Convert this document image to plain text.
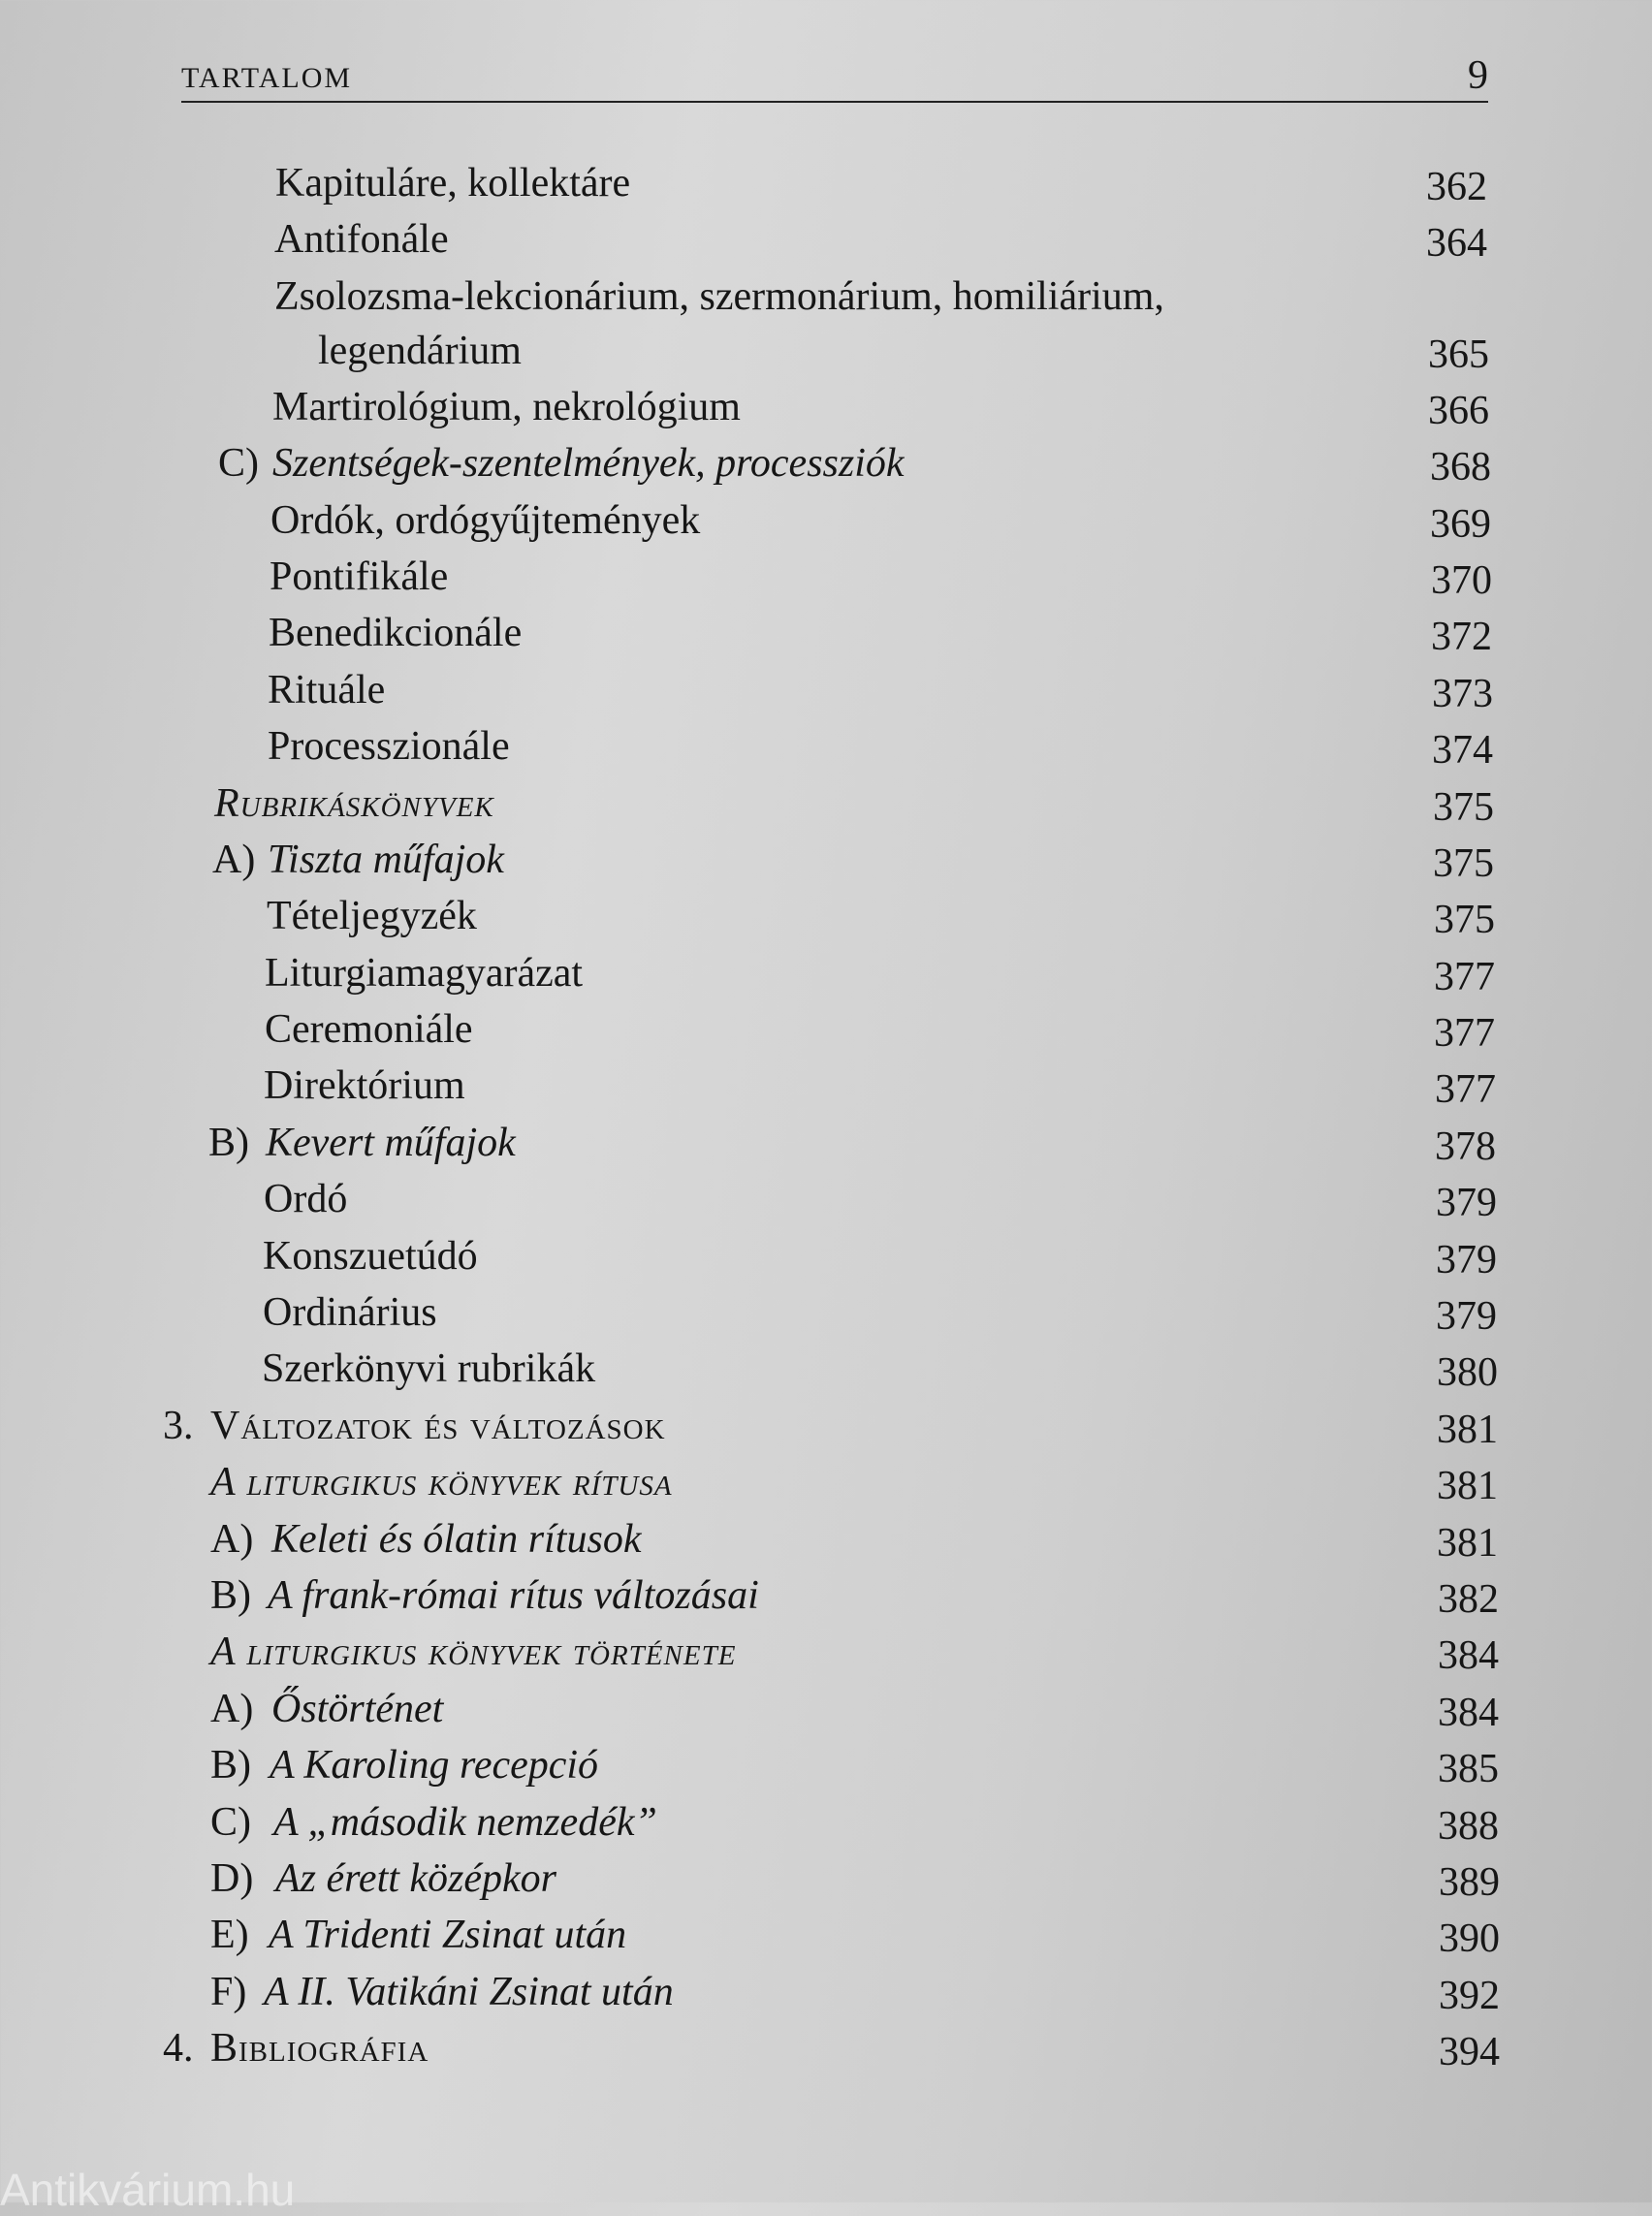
TARTALOM	9
Kapituláre, kollektáre	362
Antifonále	364
Zsolozsma-lekcionárium, szermonárium, homiliárium,
legendárium	365
Martirológium, nekrológium	366
C) Szentségek-szentelmények, processziók	368
Ordók, ordógyűjtemények	369
Pontifikále	370
Benedikcionále	372
Rituále	373
Processzionále	374
Rubrikáskönyvek	375
A) Tiszta műfajok	375
Tételjegyzék	375
Liturgiamagyarázat	377
Ceremoniále	377
Direktórium	377
B) Kevert műfajok	378
Ordó	379
Konszuetúdó	379
Ordinárius	379
Szerkönyvi rubrikák	380
3. Változatok és változások	381
A liturgikus könyvek rítusa	381
A) Keleti és ólatin rítusok	381
B) A frank-római rítus változásai	382
A liturgikus könyvek története	384
A) Őstörténet	384
B) A Karoling recepció	385
C) A „második nemzedék”	388
D) Az érett középkor	389
E) A Tridenti Zsinat után	390
F) A II. Vatikáni Zsinat után	392
4. Bibliográfia	394
Antikvárium.hu
